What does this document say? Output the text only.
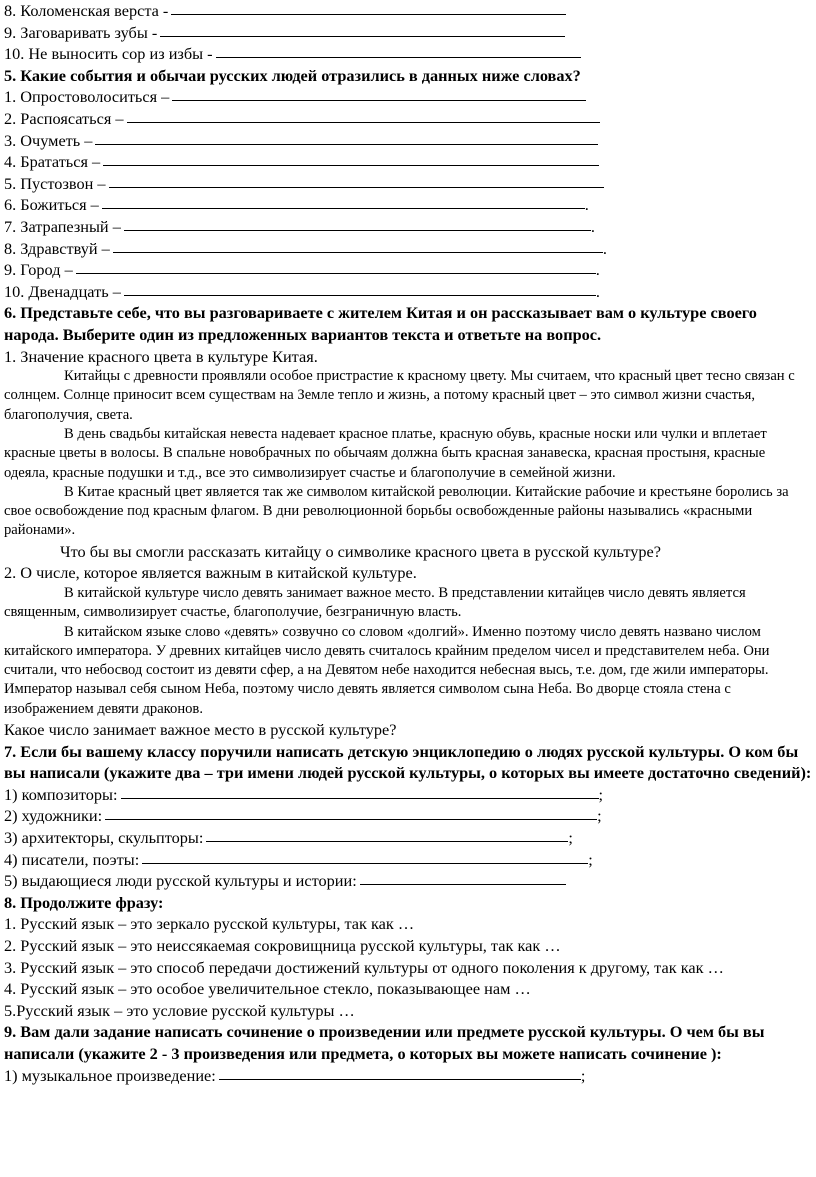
8. Коломенская верста -
9. Заговаривать зубы -
10. Не выносить сор из избы -
5. Какие события и обычаи русских людей отразились в данных ниже словах?
1. Опростоволоситься –
2. Распоясаться –
3. Очуметь –
4. Брататься –
5. Пустозвон –
6. Божиться –	.
7. Затрапезный –	.
8. Здравствуй –	.
9. Город –	.
10. Двенадцать –	.
6. Представьте себе, что вы разговариваете с жителем Китая и он рассказывает вам о культуре своего народа. Выберите один из предложенных вариантов текста и ответьте на вопрос.
1. Значение красного цвета в культуре Китая.

Китайцы с древности проявляли особое пристрастие к красному цвету. Мы считаем, что красный цвет тесно связан с солнцем. Солнце приносит всем существам на Земле тепло и жизнь, а потому красный цвет – это символ жизни счастья, благополучия, света.

В день свадьбы китайская невеста надевает красное платье, красную обувь, красные носки или чулки и вплетает красные цветы в волосы. В спальне новобрачных по обычаям должна быть красная занавеска, красная простыня, красные одеяла, красные подушки и т.д., все это символизирует счастье и благополучие в семейной жизни.

В Китае красный цвет является так же символом китайской революции. Китайские рабочие и крестьяне боролись за свое освобождение под красным флагом. В дни революционной борьбы освобожденные районы назывались «красными районами».

Что бы вы смогли рассказать китайцу о символике красного цвета в русской культуре?
2. О числе, которое является важным в китайской культуре.

В китайской культуре число девять занимает важное место. В представлении китайцев число девять является священным, символизирует счастье, благополучие, безграничную власть.

В китайском языке слово «девять» созвучно со словом «долгий». Именно поэтому число девять названо числом китайского императора. У древних китайцев число девять считалось крайним пределом чисел и представителем неба. Они считали, что небосвод состоит из девяти сфер, а на Девятом небе находится небесная высь, т.е. дом, где жили императоры. Император называл себя сыном Неба, поэтому число девять является символом сына Неба. Во дворце стояла стена с изображением девяти драконов.

Какое число занимает важное место в русской культуре?
7. Если бы вашему классу поручили написать детскую энциклопедию о людях русской культуры. О ком бы вы написали (укажите два – три имени людей русской культуры, о которых вы имеете достаточно сведений):
1) композиторы:	;
2) художники:	;
3) архитекторы, скульпторы:	;
4) писатели, поэты:	;
5) выдающиеся люди русской культуры и истории:
8. Продолжите фразу:
1. Русский язык – это зеркало русской культуры, так как …
2. Русский язык – это неиссякаемая сокровищница русской культуры, так как …
3. Русский язык – это способ передачи достижений культуры от одного поколения к другому, так как …
4. Русский язык – это особое увеличительное стекло, показывающее нам …
5.Русский язык – это условие русской культуры …
9. Вам дали задание написать сочинение о произведении или предмете русской культуры. О чем бы вы написали (укажите 2 - 3 произведения или предмета, о которых вы можете написать сочинение ):
1) музыкальное произведение:	;
